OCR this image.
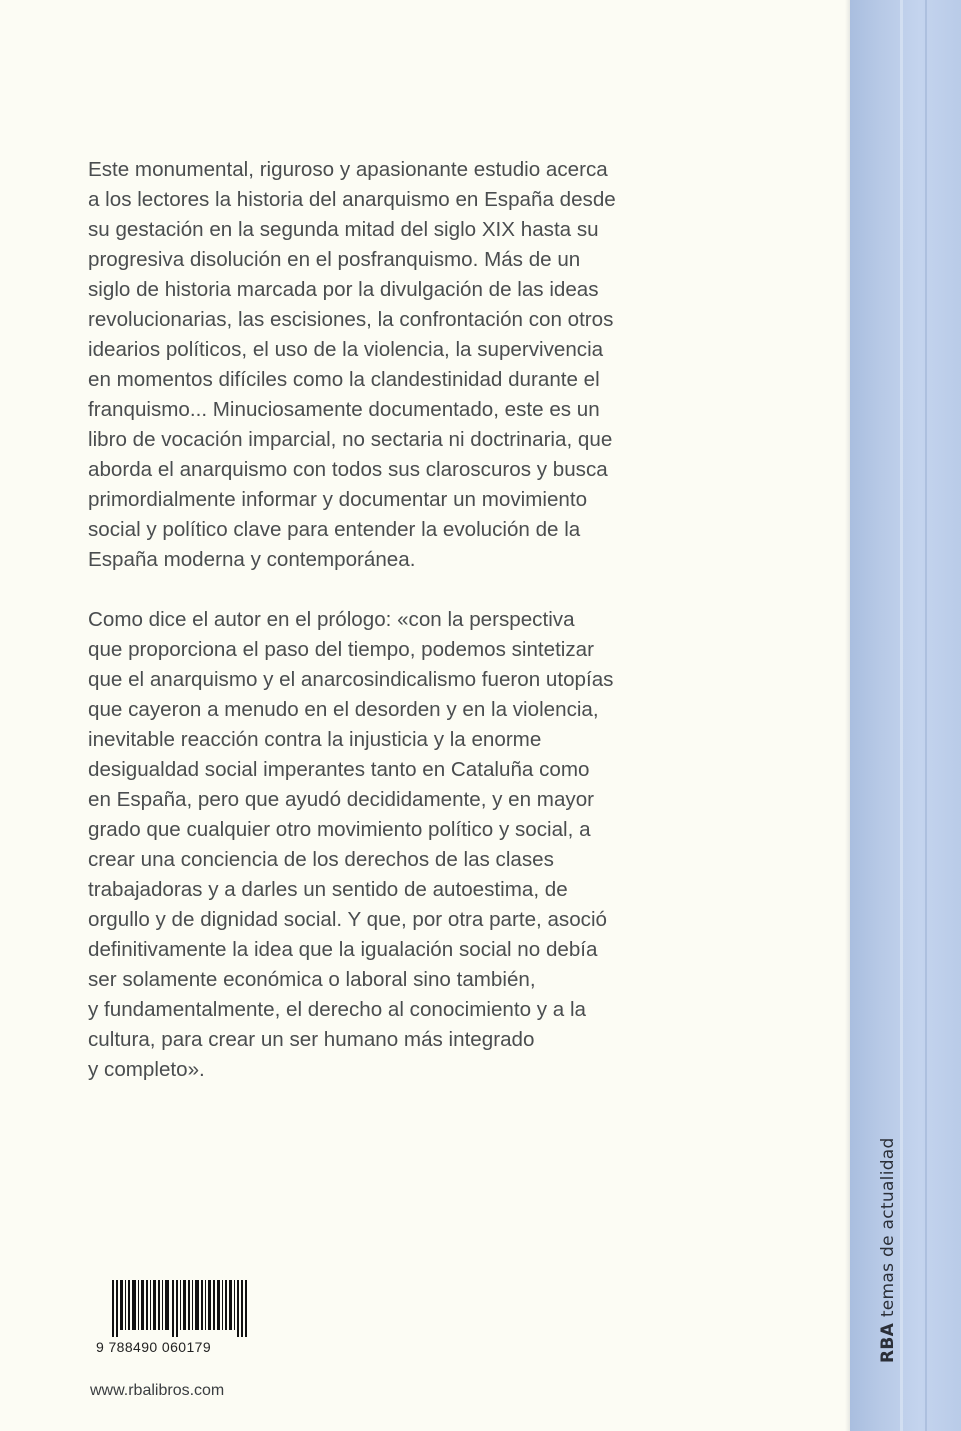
Este monumental, riguroso y apasionante estudio acerca
a los lectores la historia del anarquismo en España desde
su gestación en la segunda mitad del siglo XIX hasta su
progresiva disolución en el posfranquismo. Más de un
siglo de historia marcada por la divulgación de las ideas
revolucionarias, las escisiones, la confrontación con otros
idearios políticos, el uso de la violencia, la supervivencia
en momentos difíciles como la clandestinidad durante el
franquismo... Minuciosamente documentado, este es un
libro de vocación imparcial, no sectaria ni doctrinaria, que
aborda el anarquismo con todos sus claroscuros y busca
primordialmente informar y documentar un movimiento
social y político clave para entender la evolución de la
España moderna y contemporánea.

Como dice el autor en el prólogo: «con la perspectiva
que proporciona el paso del tiempo, podemos sintetizar
que el anarquismo y el anarcosindicalismo fueron utopías
que cayeron a menudo en el desorden y en la violencia,
inevitable reacción contra la injusticia y la enorme
desigualdad social imperantes tanto en Cataluña como
en España, pero que ayudó decididamente, y en mayor
grado que cualquier otro movimiento político y social, a
crear una conciencia de los derechos de las clases
trabajadoras y a darles un sentido de autoestima, de
orgullo y de dignidad social. Y que, por otra parte, asoció
definitivamente la idea que la igualación social no debía
ser solamente económica o laboral sino también,
y fundamentalmente, el derecho al conocimiento y a la
cultura, para crear un ser humano más integrado
y completo».

9 788490 060179
www.rbalibros.com
RBA temas de actualidad
